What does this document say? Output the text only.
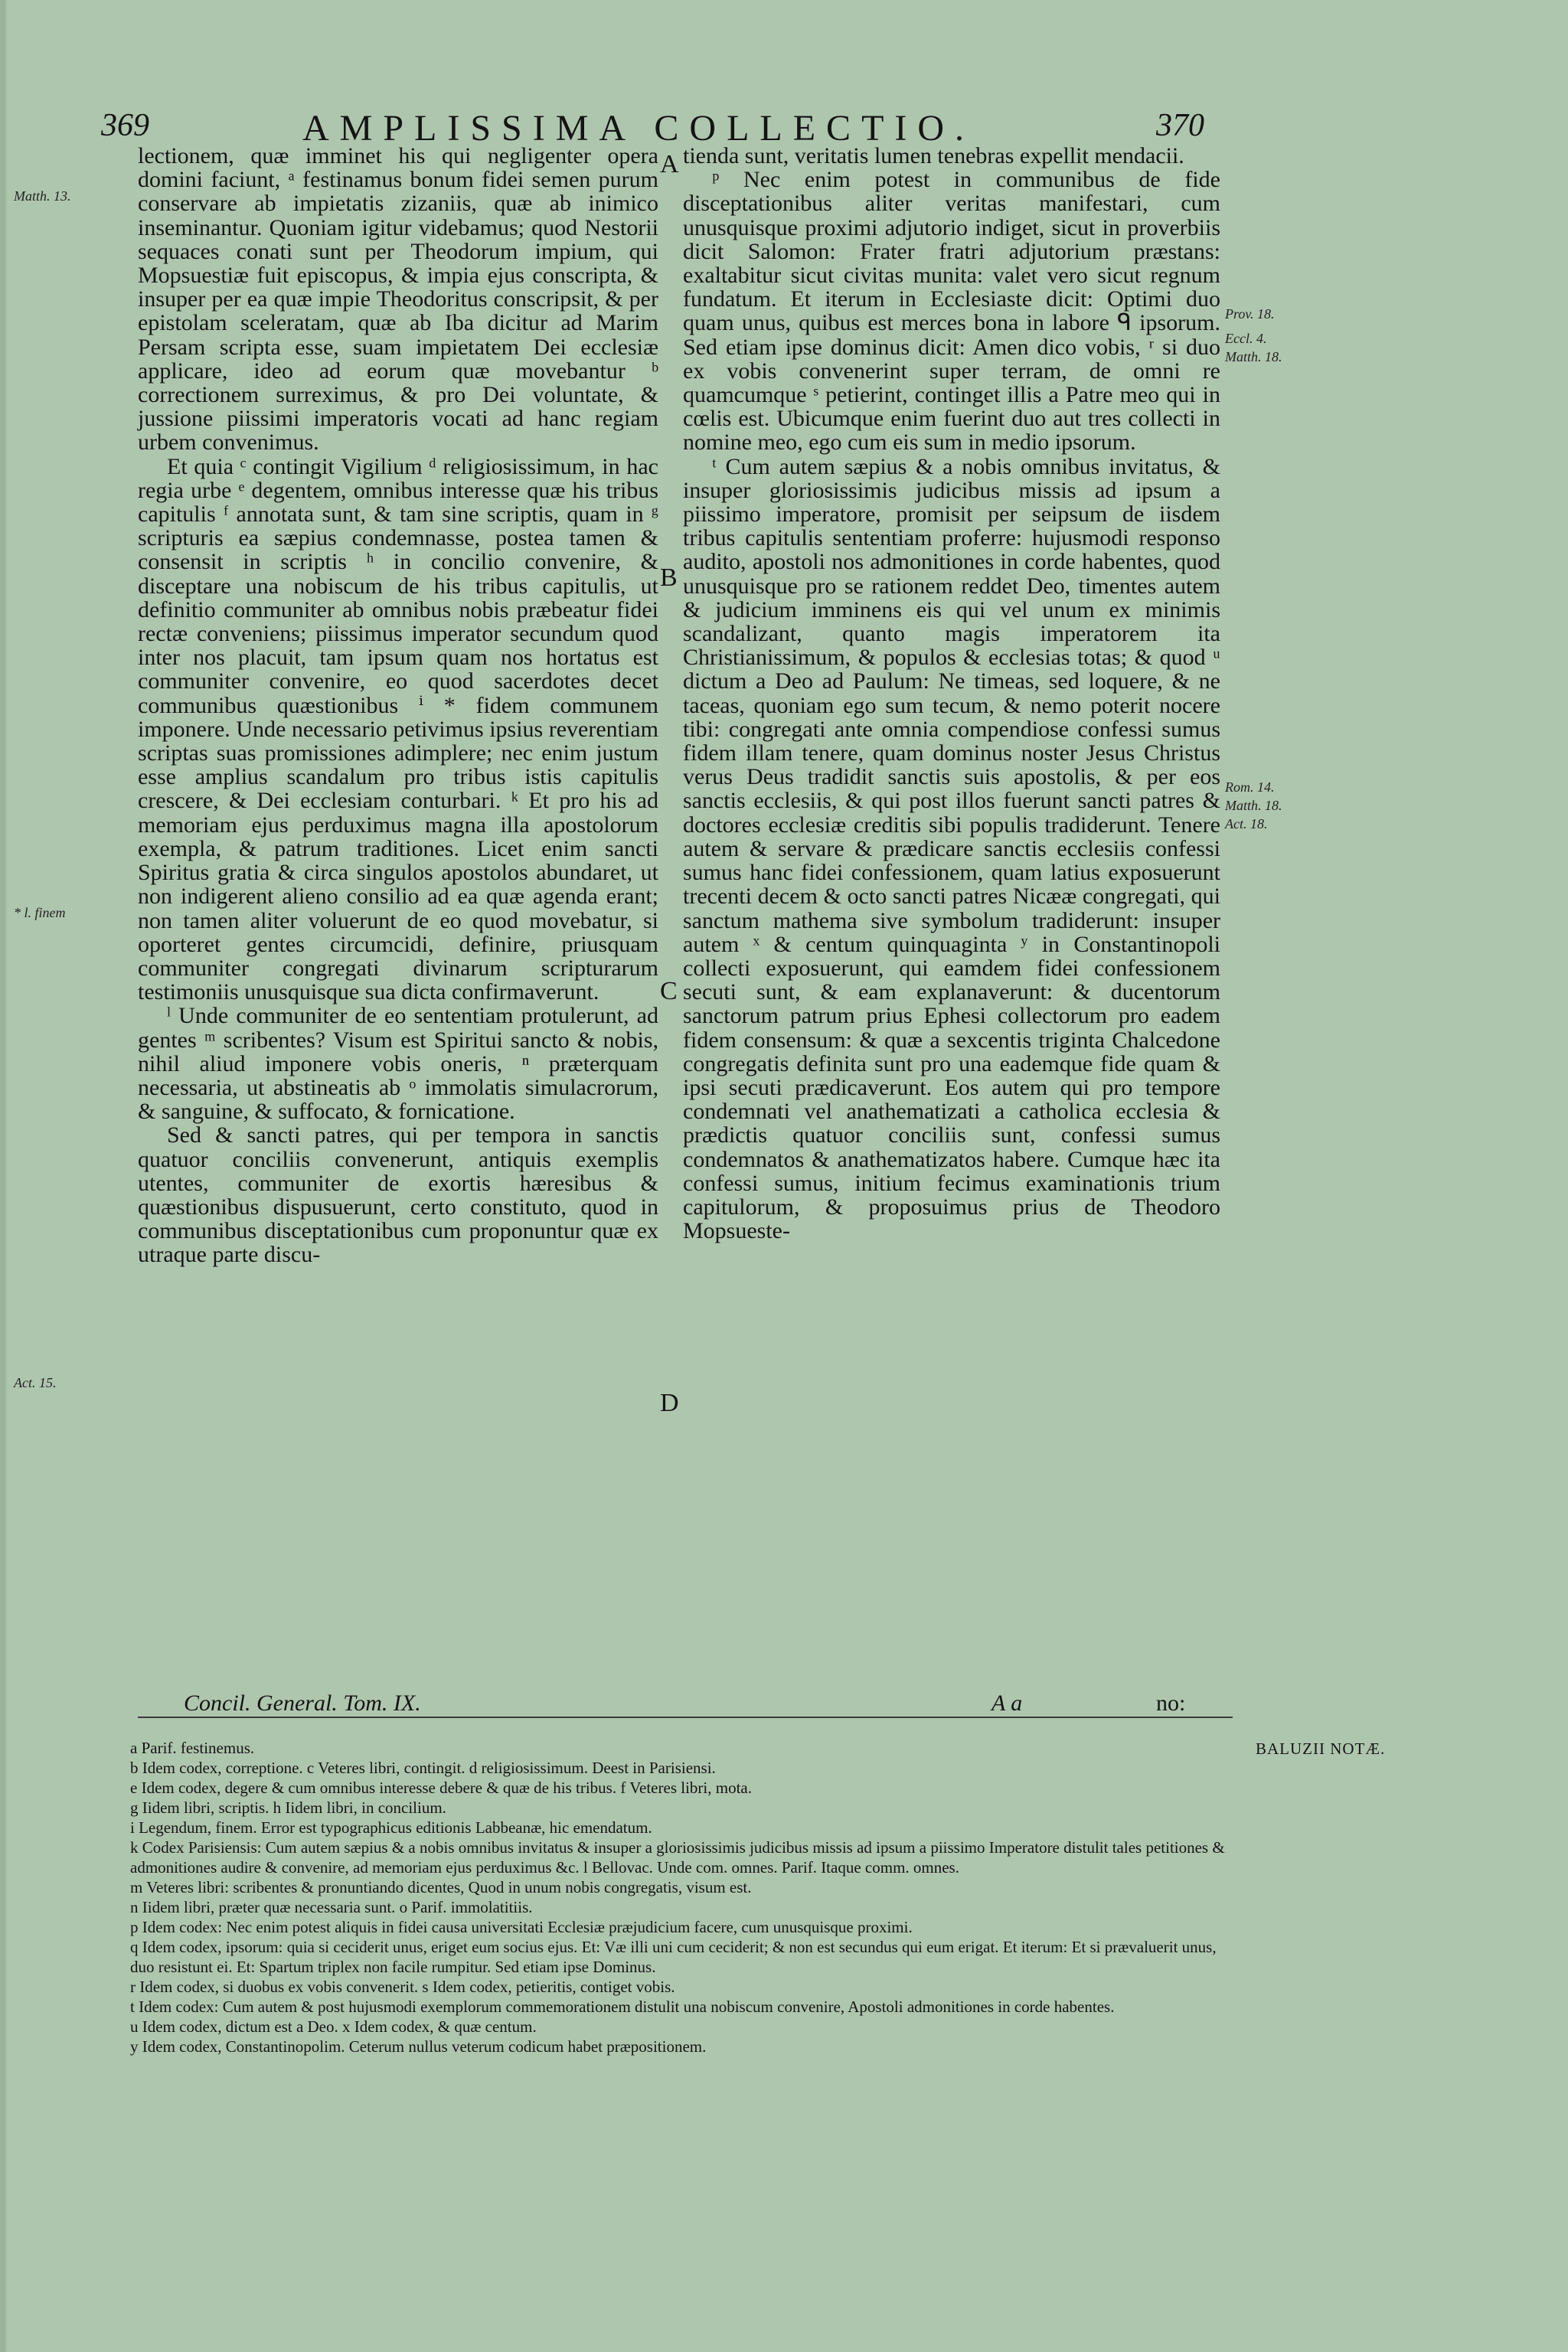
369	AMPLISSIMA COLLECTIO.	370
Matth. 13.
* l. finem
Act. 15.
Prov. 18.
Eccl. 4.
Matth. 18.
Rom. 14.
Matth. 18.
Act. 18.
A
B
C
D

lectionem, quæ imminet his qui negligenter opera domini faciunt, ᵃ festinamus bonum fidei semen purum conservare ab impietatis zizaniis, quæ ab inimico inseminantur. Quoniam igitur videbamus; quod Nestorii sequaces conati sunt per Theodorum impium, qui Mopsuestiæ fuit episcopus, & impia ejus conscripta, & insuper per ea quæ impie Theodoritus conscripsit, & per epistolam sceleratam, quæ ab Iba dicitur ad Marim Persam scripta esse, suam impietatem Dei ecclesiæ applicare, ideo ad eorum quæ movebantur ᵇ correctionem surreximus, & pro Dei voluntate, & jussione piissimi imperatoris vocati ad hanc regiam urbem convenimus.

Et quia ᶜ contingit Vigilium ᵈ religiosissimum, in hac regia urbe ᵉ degentem, omnibus interesse quæ his tribus capitulis ᶠ annotata sunt, & tam sine scriptis, quam in ᵍ scripturis ea sæpius condemnasse, postea tamen & consensit in scriptis ʰ in concilio convenire, & disceptare una nobiscum de his tribus capitulis, ut definitio communiter ab omnibus nobis præbeatur fidei rectæ conveniens; piissimus imperator secundum quod inter nos placuit, tam ipsum quam nos hortatus est communiter convenire, eo quod sacerdotes decet communibus quæstionibus ⁱ * fidem communem imponere. Unde necessario petivimus ipsius reverentiam scriptas suas promissiones adimplere; nec enim justum esse amplius scandalum pro tribus istis capitulis crescere, & Dei ecclesiam conturbari. ᵏ Et pro his ad memoriam ejus perduximus magna illa apostolorum exempla, & patrum traditiones. Licet enim sancti Spiritus gratia & circa singulos apostolos abundaret, ut non indigerent alieno consilio ad ea quæ agenda erant; non tamen aliter voluerunt de eo quod movebatur, si oporteret gentes circumcidi, definire, priusquam communiter congregati divinarum scripturarum testimoniis unusquisque sua dicta confirmaverunt.

ˡ Unde communiter de eo sententiam protulerunt, ad gentes ᵐ scribentes? Visum est Spiritui sancto & nobis, nihil aliud imponere vobis oneris, ⁿ præterquam necessaria, ut abstineatis ab ᵒ immolatis simulacrorum, & sanguine, & suffocato, & fornicatione.

Sed & sancti patres, qui per tempora in sanctis quatuor conciliis convenerunt, antiquis exemplis utentes, communiter de exortis hæresibus & quæstionibus dispusuerunt, certo constituto, quod in communibus disceptationibus cum proponuntur quæ ex utraque parte discu-

tienda sunt, veritatis lumen tenebras expellit mendacii.

ᵖ Nec enim potest in communibus de fide disceptationibus aliter veritas manifestari, cum unusquisque proximi adjutorio indiget, sicut in proverbiis dicit Salomon: Frater fratri adjutorium præstans: exaltabitur sicut civitas munita: valet vero sicut regnum fundatum. Et iterum in Ecclesiaste dicit: Optimi duo quam unus, quibus est merces bona in labore ᑫ ipsorum. Sed etiam ipse dominus dicit: Amen dico vobis, ʳ si duo ex vobis convenerint super terram, de omni re quamcumque ˢ petierint, continget illis a Patre meo qui in cœlis est. Ubicumque enim fuerint duo aut tres collecti in nomine meo, ego cum eis sum in medio ipsorum.

ᵗ Cum autem sæpius & a nobis omnibus invitatus, & insuper gloriosissimis judicibus missis ad ipsum a piissimo imperatore, promisit per seipsum de iisdem tribus capitulis sententiam proferre: hujusmodi responso audito, apostoli nos admonitiones in corde habentes, quod unusquisque pro se rationem reddet Deo, timentes autem & judicium imminens eis qui vel unum ex minimis scandalizant, quanto magis imperatorem ita Christianissimum, & populos & ecclesias totas; & quod ᵘ dictum a Deo ad Paulum: Ne timeas, sed loquere, & ne taceas, quoniam ego sum tecum, & nemo poterit nocere tibi: congregati ante omnia compendiose confessi sumus fidem illam tenere, quam dominus noster Jesus Christus verus Deus tradidit sanctis suis apostolis, & per eos sanctis ecclesiis, & qui post illos fuerunt sancti patres & doctores ecclesiæ creditis sibi populis tradiderunt. Tenere autem & servare & prædicare sanctis ecclesiis confessi sumus hanc fidei confessionem, quam latius exposuerunt trecenti decem & octo sancti patres Nicææ congregati, qui sanctum mathema sive symbolum tradiderunt: insuper autem ˣ & centum quinquaginta ʸ in Constantinopoli collecti exposuerunt, qui eamdem fidei confessionem secuti sunt, & eam explanaverunt: & ducentorum sanctorum patrum prius Ephesi collectorum pro eadem fidem consensum: & quæ a sexcentis triginta Chalcedone congregatis definita sunt pro una eademque fide quam & ipsi secuti prædicaverunt. Eos autem qui pro tempore condemnati vel anathematizati a catholica ecclesia & prædictis quatuor conciliis sunt, confessi sumus condemnatos & anathematizatos habere. Cumque hæc ita confessi sumus, initium fecimus examinationis trium capitulorum, & proposuimus prius de Theodoro Mopsueste-

Concil. General. Tom. IX.	A a	no:
BALUZII NOTÆ.

a Parif. festinemus.

b Idem codex, correptione. c Veteres libri, contingit. d religiosissimum. Deest in Parisiensi.

e Idem codex, degere & cum omnibus interesse debere & quæ de his tribus. f Veteres libri, mota.

g Iidem libri, scriptis. h Iidem libri, in concilium.

i Legendum, finem. Error est typographicus editionis Labbeanæ, hic emendatum.

k Codex Parisiensis: Cum autem sæpius & a nobis omnibus invitatus & insuper a gloriosissimis judicibus missis ad ipsum a piissimo Imperatore distulit tales petitiones & admonitiones audire & convenire, ad memoriam ejus perduximus &c. l Bellovac. Unde com. omnes. Parif. Itaque comm. omnes.

m Veteres libri: scribentes & pronuntiando dicentes, Quod in unum nobis congregatis, visum est.

n Iidem libri, præter quæ necessaria sunt. o Parif. immolatitiis.

p Idem codex: Nec enim potest aliquis in fidei causa universitati Ecclesiæ præjudicium facere, cum unusquisque proximi.

q Idem codex, ipsorum: quia si ceciderit unus, eriget eum socius ejus. Et: Væ illi uni cum ceciderit; & non est secundus qui eum erigat. Et iterum: Et si prævaluerit unus, duo resistunt ei. Et: Spartum triplex non facile rumpitur. Sed etiam ipse Dominus.

r Idem codex, si duobus ex vobis convenerit. s Idem codex, petieritis, contiget vobis.

t Idem codex: Cum autem & post hujusmodi exemplorum commemorationem distulit una nobiscum convenire, Apostoli admonitiones in corde habentes.

u Idem codex, dictum est a Deo. x Idem codex, & quæ centum.

y Idem codex, Constantinopolim. Ceterum nullus veterum codicum habet præpositionem.
